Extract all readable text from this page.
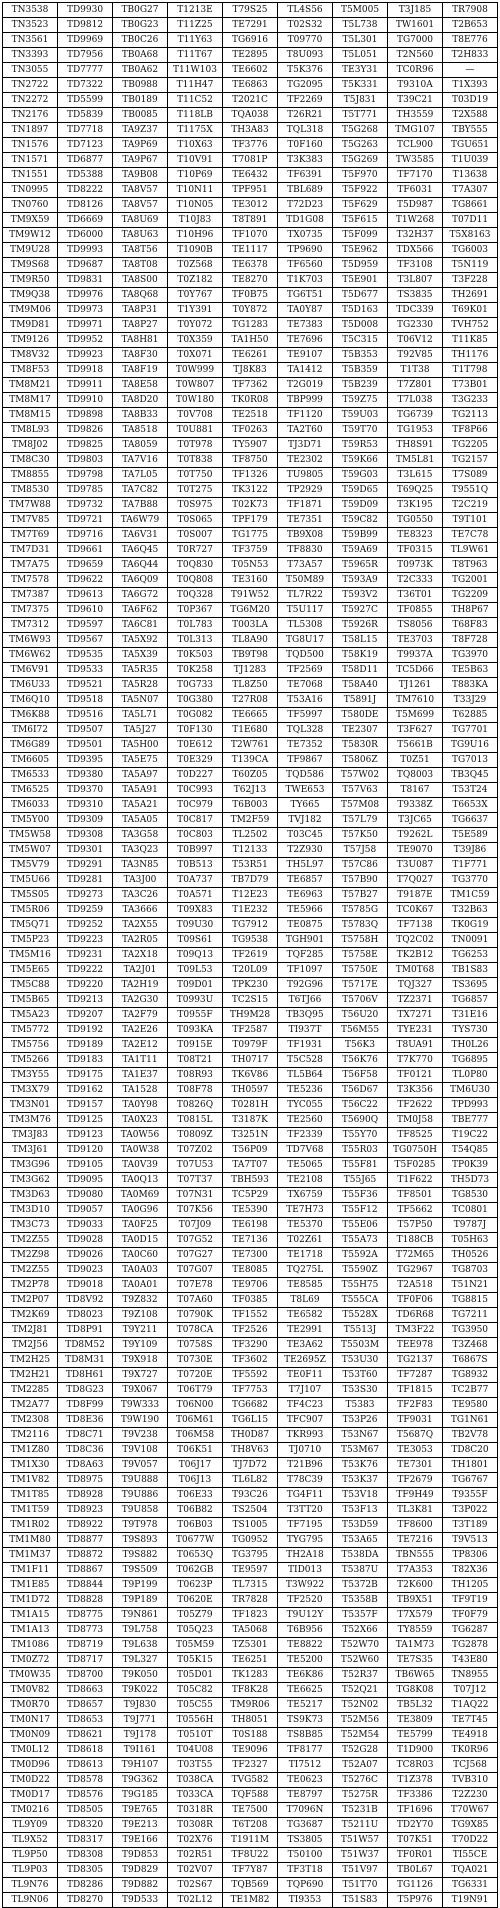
TN3538	TD9930	TB0G27	T1213E	T79S25	TL4S56	T5M005	T3J185	TR7908
TN3523	TD9812	TB0G23	T11Z25	TE7291	T02S32	T5L738	TW1601	T2B653
TN3561	TD9969	TB0C26	T11Y63	TG6916	T09770	T5L301	TG7000	T8E776
TN3393	TD7956	TB0A68	T11T67	TE2895	T8U093	T5L051	T2N560	T2H833
TN3055	TD7777	TB0A62	T11W103	TE6602	T5K376	TE3Y31	TC0R96	—
TN2722	TD7322	TB0988	T11H47	TE6863	TG2095	T5K331	T9310A	T1X393
TN2272	TD5599	TB0189	T11C52	T2021C	TF2269	T5J831	T39C21	T03D19
TN2176	TD5839	TB0085	T118LB	TQA038	T26R21	T5T771	TH3559	T2X588
TN1897	TD7718	TA9Z37	T1175X	TH3A83	TQL318	T5G268	TMG107	TBY555
TN1576	TD7123	TA9P69	T10X63	TF3776	T0F160	T5G263	TCL900	TGU651
TN1571	TD6877	TA9P67	T10V91	T7081P	T3K383	T5G269	TW3585	T1U039
TN1551	TD5388	TA9B08	T10P69	TE6432	TF6391	T5F970	TF7170	T13638
TN0995	TD8222	TA8V57	T10N11	TPF951	TBL689	T5F922	TF6031	T7A307
TN0760	TD8126	TA8V57	T10N05	TE3012	T72D23	T5F629	T5D987	TG8661
TM9X59	TD6669	TA8U69	T10J83	T8T891	TD1G08	T5F615	T1W268	T07D11
TM9W12	TD6000	TA8U63	T10H96	TF1070	TX0735	T5F099	T32H37	T5X8163
TM9U28	TD9993	TA8T56	T1090B	TE1117	TP9690	T5E962	TDX566	TG6003
TM9S68	TD9687	TA8T08	T0Z568	TE6378	TF6560	T5D959	TF3108	T5N119
TM9R50	TD9831	TA8S00	T0Z182	TE8270	T1K703	T5E901	T3L807	T3F228
TM9Q38	TD9976	TA8Q68	T0Y767	TF0B75	TG6T51	T5D677	TS3835	TH2691
TM9M06	TD9973	TA8P31	T1Y391	T0Y872	TA0Y87	T5D163	TDC339	T69K01
TM9D81	TD9971	TA8P27	T0Y072	TG1283	TE7383	T5D008	TG2330	TVH752
TM9126	TD9952	TA8H81	T0X359	TA1H50	TE7696	T5C315	T06V12	T11K85
TM8V32	TD9923	TA8F30	T0X071	TE6261	TE9107	T5B353	T92V85	TH1176
TM8F53	TD9918	TA8F19	T0W999	TJ8K83	TA1412	T5B359	T1T38	T1T798
TM8M21	TD9911	TA8E58	T0W807	TF7362	T2G019	T5B239	T7Z801	T73B01
TM8M17	TD9910	TA8D20	T0W180	TK0R08	TBP999	T59Z75	T7L038	T3G233
TM8M15	TD9898	TA8B33	T0V708	TE2518	TF1120	T59U03	TG6739	TG2113
TM8L93	TD9826	TA8518	T0U881	TF0263	TA2T60	T59T70	TG1953	TF8P66
TM8J02	TD9825	TA8059	T0T978	TY5907	TJ3D71	T59R53	TH8S91	TG2205
TM8C30	TD9803	TA7V16	T0T838	TF8750	TE2302	T59K66	TM5L81	TG2157
TM8855	TD9798	TA7L05	T0T750	TF1326	TU9805	T59G03	T3L615	T7S089
TM8530	TD9785	TA7C82	T0T275	TK3122	TP2929	T59D65	T69Q25	T9551Q
TM7W88	TD9732	TA7B88	T0S975	T02K73	TF1871	T59D09	T3K195	T2C219
TM7V85	TD9721	TA6W79	T0S065	TPF179	TE7351	T59C82	TG0550	T9T101
TM7T69	TD9716	TA6V31	T0S007	TG1775	TB9X08	T59B99	TE8323	TE7C78
TM7D31	TD9661	TA6Q45	T0R727	TF3759	TF8830	T59A69	TF0315	TL9W61
TM7A75	TD9659	TA6Q44	T0Q830	T05N53	T73A57	T5965R	T0973K	T8T963
TM7578	TD9622	TA6Q09	T0Q808	TE3160	T50M89	T593A9	T2C333	TG2001
TM7387	TD9613	TA6G72	T0Q328	T91W52	TL7R22	T593V2	T36T01	TG2209
TM7375	TD9610	TA6F62	T0P367	TG6M20	T5U117	T5927C	TF0855	TH8P67
TM7312	TD9597	TA6C81	T0L783	T003LA	TL5308	T5926R	TS8056	T68F83
TM6W93	TD9567	TA5X92	T0L313	TL8A90	TG8U17	T58L15	TE3703	T8F728
TM6W62	TD9535	TA5X39	T0K503	TB9T98	TQD500	T58K19	T9937A	TG3970
TM6V91	TD9533	TA5R35	T0K258	TJ1283	TF2569	T58D11	TC5D66	TE5B63
TM6U33	TD9521	TA5R28	T0G733	TL8Z50	TE7068	T58A40	TJ1261	T883KA
TM6Q10	TD9518	TA5N07	T0G380	T27R08	T53A16	T5891J	TM7610	T33J29
TM6K88	TD9516	TA5L71	T0G082	TE6665	TF5997	T580DE	T5M699	T62885
TM6I72	TD9507	TA5J27	T0F130	T1E680	TQL328	TE2307	T3F627	TG7701
TM6G89	TD9501	TA5H00	T0E612	T2W761	TE7352	T5830R	T5661B	TG9U16
TM6605	TD9395	TA5E75	T0E329	T139CA	TF9867	T5806Z	T0Z51	TG7013
TM6533	TD9380	TA5A97	T0D227	T60Z05	TQD586	T57W02	TQ8003	TB3Q45
TM6525	TD9370	TA5A91	T0C993	T62J13	TWE653	T57V63	T8167	T53T24
TM6033	TD9310	TA5A21	T0C979	T6B003	TY665	T57M08	T9338Z	T6653X
TM5Y00	TD9309	TA5A05	T0C817	TM2F59	TVJ182	T57L79	T3JC65	TG6637
TM5W58	TD9308	TA3G58	T0C803	TL2502	T03C45	T57K50	T9262L	T5E589
TM5W07	TD9301	TA3Q23	T0B997	T12133	T2Z930	T57J58	TE9070	T39J86
TM5V79	TD9291	TA3N85	T0B513	T53R51	TH5L97	T57C86	T3U087	T1F771
TM5U66	TD9281	TA3J00	T0A737	TB7D79	TE6857	T57B90	T7Q027	TG3770
TM5S05	TD9273	TA3C26	T0A571	T12E23	TE6963	T57B27	T9187E	TM1C59
TM5R06	TD9259	TA3666	T09X83	T1E232	TE5966	T5785G	TC0K67	T32B63
TM5Q71	TD9252	TA2X55	T09U30	TG7912	TE0875	T5783Q	TF7138	TK0G19
TM5P23	TD9223	TA2R05	T09S61	TG9538	TGH901	T5758H	TQ2C02	TN0091
TM5M16	TD9231	TA2X18	T09Q13	TF2619	TQF285	T5758E	TK2B12	TG6253
TM5E65	TD9222	TA2J01	T09L53	T20L09	TF1097	T5750E	TM0T68	TB1S83
TM5C88	TD9220	TA2H19	T09D01	TPK230	T92G96	T5717E	TQJ327	TS3695
TM5B65	TD9213	TA2G30	T0993U	TC2S15	T6TJ66	T5706V	TZ2371	TG6857
TM5A23	TD9207	TA2F79	T0955F	TH9M28	TB3Q95	T56U20	TX7271	T31E16
TM5772	TD9192	TA2E26	T093KA	TF2587	TI937T	T56M55	TYE231	TYS730
TM5756	TD9189	TA2E12	T0915E	T0979F	TF1931	T56K3	T8UA91	TH0L26
TM5266	TD9183	TA1T11	T08T21	TH0717	T5C528	T56K76	T7K770	TG6895
TM3Y55	TD9175	TA1E37	T08R93	TK6V86	TL5B64	T56F58	TF0121	TL0P80
TM3X79	TD9162	TA1528	T08F78	TH0597	TE5236	T56D67	T3K356	TM6U30
TM3N01	TD9157	TA0Y98	T0826Q	T0281H	TYC055	T56C22	TF2622	TPD993
TM3M76	TD9125	TA0X23	T0815L	T3187K	TE2560	T5690Q	TM0J58	TBE777
TM3J83	TD9123	TA0W56	T0809Z	T3251N	TF2339	T55Y70	TF8525	T19C22
TM3J61	TD9120	TA0W38	T07Z02	T56P09	TD7V68	T55R03	TG0750H	T54Q85
TM3G96	TD9105	TA0V39	T07U53	TA7T07	TE5065	T55F81	T5F0285	TP0K39
TM3G62	TD9095	TA0Q13	T07T37	TBH593	TE2108	T55J65	T1F622	TH5D73
TM3D63	TD9080	TA0M69	T07N31	TC5P29	TX6759	T55F36	TF8501	TG8530
TM3D10	TD9057	TA0G96	T07K56	TE5390	TE7H73	T55F12	TF5662	TC0801
TM3C73	TD9033	TA0F25	T07J09	TE6198	TE5370	T55E06	T57P50	T9787J
TM2Z55	TD9028	TA0D15	T07G52	TE7136	T02Z61	T55A73	T188CB	T05H63
TM2Z98	TD9026	TA0C60	T07G27	TE7300	TE1718	T5592A	T72M65	TH0526
TM2Z55	TD9023	TA0A03	T07G07	TE8085	TQ275L	T5590Z	TG2967	TG8703
TM2P78	TD9018	TA0A01	T07E78	TE9706	TE8585	T55H75	T2A518	T51N21
TM2P07	TD8V92	T9Z832	T07A60	TF0385	T8L69	T555CA	TF0F06	TG8815
TM2K69	TD8023	T9Z108	T0790K	TF1552	TE6582	T5528X	TD6R68	TG7211
TM2J81	TD8P91	T9Y211	T078CA	TF2526	TE2991	T5513J	TM3F22	TG3950
TM2J56	TD8M52	T9Y109	T0758S	TF3290	TE3A62	T5503M	TEE978	T3Z468
TM2H25	TD8M31	T9X918	T0730E	TF3602	TE2695Z	T53U30	TG2137	T6867S
TM2H21	TD8H61	T9X727	T0720E	TF5592	TE0F11	T53T60	TF7287	TG8932
TM2285	TD8G23	T9X067	T06T79	TF7753	T7J107	T53S30	TF1815	TC2B77
TM2A77	TD8F99	T9W333	T06N00	TG6682	TF4C23	T5383	TF2F83	TE9580
TM2308	TD8E36	T9W190	T06M61	TG6L15	TFC907	T53P26	TF9031	TG1N61
TM2116	TD8C71	T9V238	T06M58	TH0D87	TKR993	T53N67	T5687Q	TB2V78
TM1Z80	TD8C36	T9V108	T06K51	TH8V63	TJ0710	T53M67	TE3053	TD8C20
TM1X30	TD8A63	T9V057	T06J17	TJ7D72	T21B96	T53K76	TE7301	TH1801
TM1V82	TD8975	T9U888	T06J13	TL6L82	T78C39	T53K37	TF2679	TG6767
TM1T85	TD8928	T9U886	T06E33	T93C26	TG4F11	T53V18	TF9H49	T9355F
TM1T59	TD8923	T9U858	T06B82	TS2504	T3TT20	T53F13	TL3K81	T3P022
TM1R02	TD8922	T9T978	T06B03	TS1005	TF7195	T53D59	TF8600	T3T189
TM1M80	TD8877	T9S893	T0677W	TG0952	TYG795	T53A65	TE7216	T9V513
TM1M37	TD8872	T9S882	T0653Q	TG3795	TH2A18	T538DA	TBN555	TP8306
TM1F11	TD8867	T9S509	T062GB	TE9597	TID013	T5387U	T7A353	T82X36
TM1E85	TD8844	T9P199	T0623P	TL7315	T3W922	T5372B	T2K600	TH1205
TM1D72	TD8828	T9P189	T0620E	TR7828	TF2520	T5358B	TB9X51	TF9T19
TM1A15	TD8775	T9N861	T05Z79	TF1823	T9U12Y	T5357F	T7X579	TF0F79
TM1A13	TD8773	T9L758	T05Q23	TA5068	T6B956	T52X66	TY8559	TG6287
TM1086	TD8719	T9L638	T05M59	TZ5301	TE8822	T52W70	TA1M73	TG2878
TM0Z72	TD8717	T9L327	T05K15	TE6251	TE5200	T52W60	TE7S35	T43E80
TM0W35	TD8700	T9K050	T05D01	TK1283	TE6K86	T52R37	TB6W65	TN8955
TM0V82	TD8663	T9K022	T05C82	TF8K28	TE6625	T52Q21	TG8K08	T07J12
TM0R70	TD8657	T9J830	T05C55	TM9R06	TE5217	T52N02	TB5L32	T1AQ22
TM0N17	TD8653	T9J771	T0556H	TH8051	TS9K73	T52M56	TE3809	TE7T45
TM0N09	TD8621	T9J178	T0510T	T0S188	TS8B85	T52M54	TE5799	TE4918
TM0L12	TD8618	T9I161	T04U08	TE9096	TF8177	T52G28	T1D900	TK0R96
TM0D96	TD8613	T9H107	T03T55	TF2327	TI7512	T52A07	TC8R03	TCJ568
TM0D22	TD8578	T9G362	T038CA	TVG582	TE0623	T5276C	T1Z378	TVB310
TM0D17	TD8576	T9G185	T033CA	TQF588	TE8797	T5275R	TF3386	T2Z230
TM0216	TD8505	T9E765	T0318R	TE7500	T7096N	T5231B	TF1696	T70W67
TL9Y09	TD8320	T9E213	T0308R	T6T208	TG3687	T5211U	TD2Y70	TG9X85
TL9X52	TD8317	T9E166	T02X76	T1911M	TS3805	T51W57	T07K51	T70D22
TL9P50	TD8308	T9D853	T02R51	TF8U22	T50100	T51W37	TF0R01	TI55CE
TL9P03	TD8305	T9D829	T02V07	TF7Y87	TF3T18	T51V97	TB0L67	TQA021
TL9N76	TD8286	T9D882	T02S67	TQB569	TQP690	T51T70	TG1126	TG6331
TL9N06	TD8270	T9D533	T02L12	TE1M82	TI9353	T51S83	T5P976	T19N91
